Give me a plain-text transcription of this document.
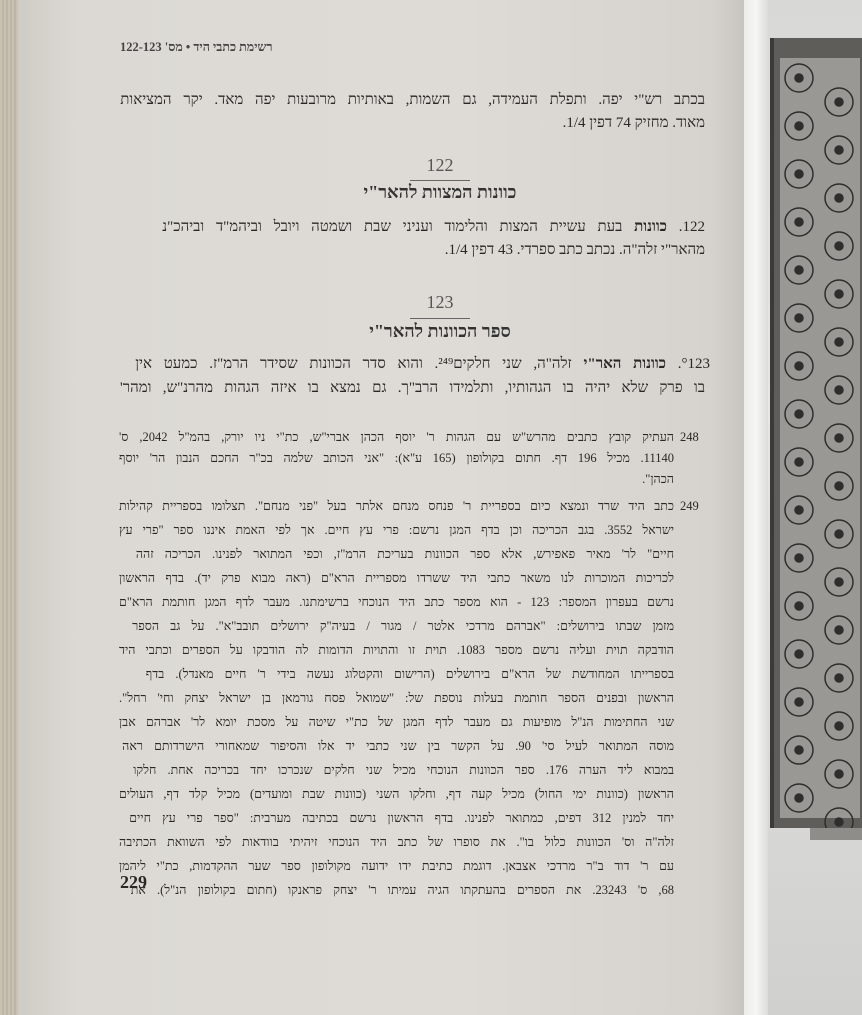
רשימת כתבי היד • מס' 122-123
בכתב רש"י יפה. ותפלת העמידה, גם השמות, באותיות מרובעות יפה מאד. יקר המציאות
מאוד. מחזיק 74 דפין 1/4.
122
כוונות המצוות להאר"י
122. כוונות בעת עשיית המצות והלימוד ועניני שבת ושמטה ויובל וביהמ"ד וביהכ"נ
מהאר"י זלה"ה. נכתב כתב ספרדי. 43 דפין 1/4.
123
ספר הכוונות להאר"י
°123. כוונות האר"י זלה"ה, שני חלקים²⁴⁹. והוא סדר הכוונות שסידר הרמ"ז. כמעט אין
בו פרק שלא יהיה בו הגהותיו, ותלמידו הרב"ך. גם נמצא בו איזה הגהות מהרנ"ש, ומהר'
248
העתיק קובץ כתבים מהרש"ש עם הגהות ר' יוסף הכהן אברי"ש, כת"י ניו יורק, בהמ"ל 2042, ס'
11140. מכיל 196 דף. חתום בקולופון (165 ע"א): "אני הכותב שלמה בכ"ר החכם הנבון הר' יוסף
הכהן".
249
כתב היד שרד ונמצא כיום בספריית ר' פנחס מנחם אלתר בעל "פני מנחם". תצלומו בספריית קהילות
ישראל 3552. בגב הכריכה וכן בדף המגן נרשם: פרי עץ חיים. אך לפי האמת איננו ספר "פרי עץ
חיים" לר' מאיר פאפירש, אלא ספר הכוונות בעריכת הרמ"ז, וכפי המתואר לפנינו. הכריכה זהה
לכריכות המוכרות לנו משאר כתבי היד ששרדו מספריית הרא"ם (ראה מבוא פרק יד). בדף הראשון
נרשם בעפרון המספר: 123 - הוא מספר כתב היד הנוכחי ברשימתנו. מעבר לדף המגן חותמת הרא"ם
מזמן שבתו בירושלים: "אברהם מרדכי אלטר / מגור / בעיה"ק ירושלים תובב"א". על גב הספר
הודבקה תוית ועליה נרשם מספר 1083. תוית זו והתויות הדומות לה הודבקו על הספרים וכתבי היד
בספרייתו המחודשת של הרא"ם בירושלים (הרישום והקטלוג נעשה בידי ר' חיים מאנדל). בדף
הראשון ובפנים הספר חותמת בעלות נוספת של: "שמואל פסח גורמאן בן ישראל יצחק וחי' רחל".
שני החתימות הנ"ל מופיעות גם מעבר לדף המגן של כת"י שיטה על מסכת יומא לר' אברהם אבן
מוסה המתואר לעיל סי' 90. על הקשר בין שני כתבי יד אלו והסיפור שמאחורי הישרדותם ראה
במבוא ליד הערה 176. ספר הכוונות הנוכחי מכיל שני חלקים שנכרכו יחד בכריכה אחת. חלקו
הראשון (כוונות ימי החול) מכיל קעה דף, וחלקו השני (כוונות שבת ומועדים) מכיל קלד דף, העולים
יחד למנין 312 דפים, כמתואר לפנינו. בדף הראשון נרשם בכתיבה מערבית: "ספר פרי עץ חיים
זלה"ה וס' הכוונות כלול בו". את סופרו של כתב היד הנוכחי זיהיתי בוודאות לפי השוואת הכתיבה
עם ר' דוד ב"ר מרדכי אצבאן. דוגמת כתיבת ידו ידועה מקולופון ספר שער ההקדמות, כת"י ליהמן
68, ס' 23243. את הספרים בהעתקתו הגיה עמיתו ר' יצחק פראנקו (חתום בקולופון הנ"ל). את
229
